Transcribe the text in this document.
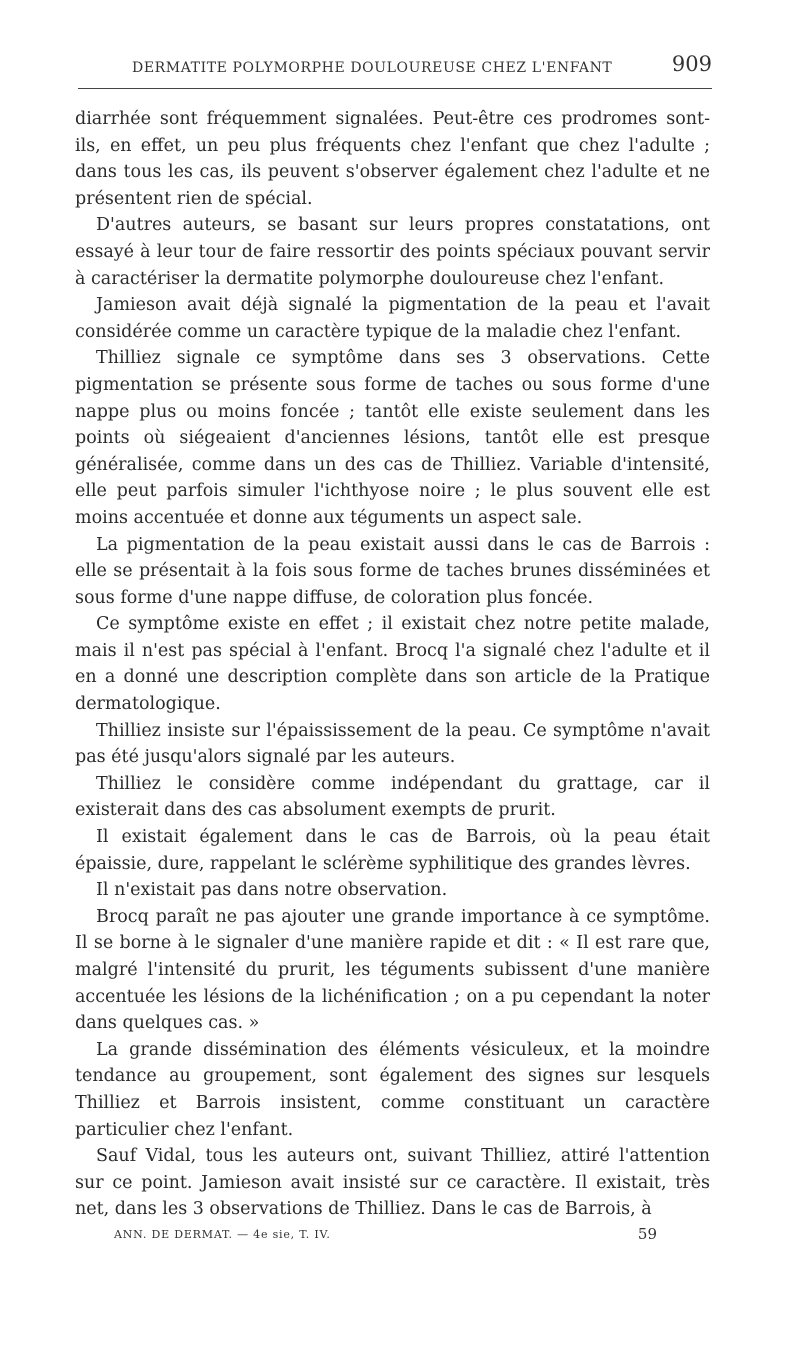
DERMATITE POLYMORPHE DOULOUREUSE CHEZ L'ENFANT	909

diarrhée sont fréquemment signalées. Peut-être ces prodromes sont-ils, en effet, un peu plus fréquents chez l'enfant que chez l'adulte ; dans tous les cas, ils peuvent s'observer également chez l'adulte et ne présentent rien de spécial.

D'autres auteurs, se basant sur leurs propres constatations, ont essayé à leur tour de faire ressortir des points spéciaux pouvant servir à caractériser la dermatite polymorphe douloureuse chez l'enfant.

Jamieson avait déjà signalé la pigmentation de la peau et l'avait considérée comme un caractère typique de la maladie chez l'enfant.

Thilliez signale ce symptôme dans ses 3 observations. Cette pigmentation se présente sous forme de taches ou sous forme d'une nappe plus ou moins foncée ; tantôt elle existe seulement dans les points où siégeaient d'anciennes lésions, tantôt elle est presque généralisée, comme dans un des cas de Thilliez. Variable d'intensité, elle peut parfois simuler l'ichthyose noire ; le plus souvent elle est moins accentuée et donne aux téguments un aspect sale.

La pigmentation de la peau existait aussi dans le cas de Barrois : elle se présentait à la fois sous forme de taches brunes disséminées et sous forme d'une nappe diffuse, de coloration plus foncée.

Ce symptôme existe en effet ; il existait chez notre petite malade, mais il n'est pas spécial à l'enfant. Brocq l'a signalé chez l'adulte et il en a donné une description complète dans son article de la Pratique dermatologique.

Thilliez insiste sur l'épaississement de la peau. Ce symptôme n'avait pas été jusqu'alors signalé par les auteurs.

Thilliez le considère comme indépendant du grattage, car il existerait dans des cas absolument exempts de prurit.

Il existait également dans le cas de Barrois, où la peau était épaissie, dure, rappelant le sclérème syphilitique des grandes lèvres.

Il n'existait pas dans notre observation.

Brocq paraît ne pas ajouter une grande importance à ce symptôme. Il se borne à le signaler d'une manière rapide et dit : « Il est rare que, malgré l'intensité du prurit, les téguments subissent d'une manière accentuée les lésions de la lichénification ; on a pu cependant la noter dans quelques cas. »

La grande dissémination des éléments vésiculeux, et la moindre tendance au groupement, sont également des signes sur lesquels Thilliez et Barrois insistent, comme constituant un caractère particulier chez l'enfant.

Sauf Vidal, tous les auteurs ont, suivant Thilliez, attiré l'attention sur ce point. Jamieson avait insisté sur ce caractère. Il existait, très net, dans les 3 observations de Thilliez. Dans le cas de Barrois, à

ANN. DE DERMAT. — 4e sie, T. IV.	59
